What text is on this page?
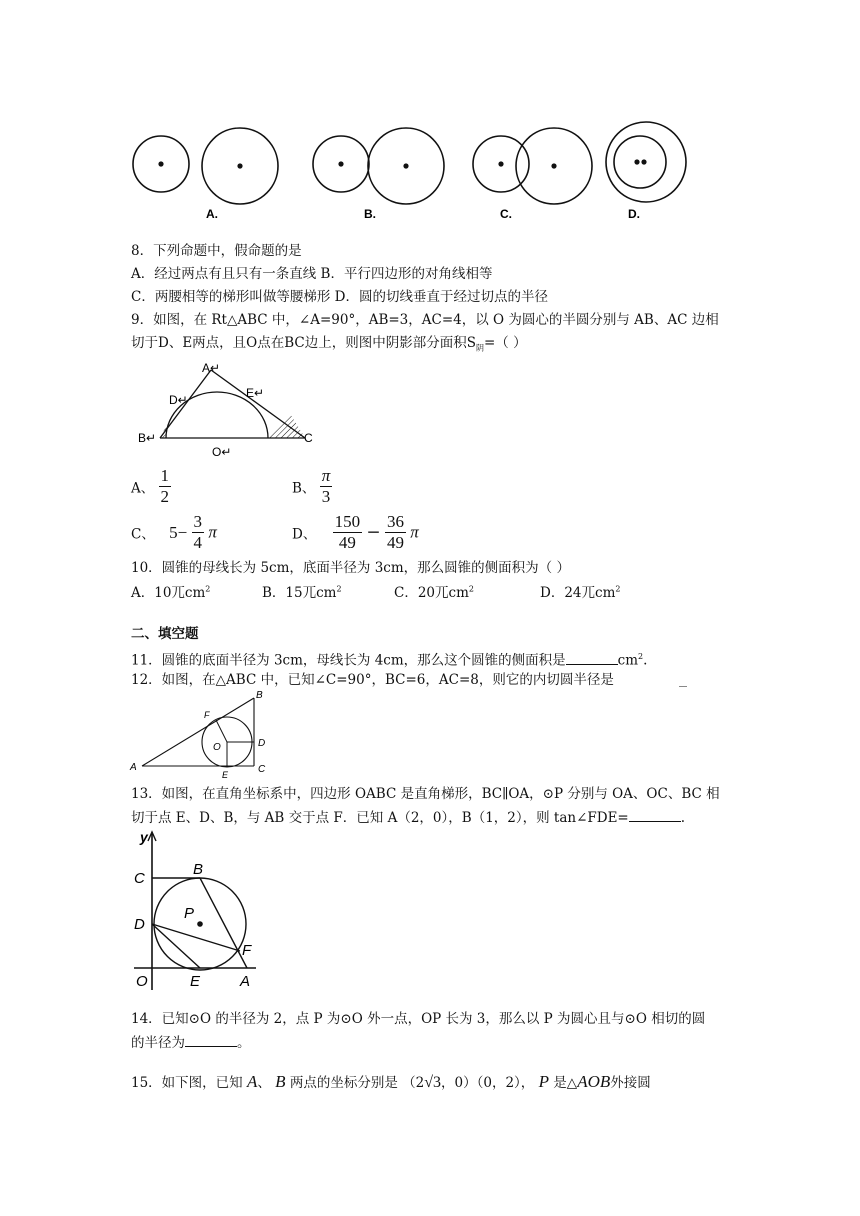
A.	B.	C.	D.
8．下列命题中，假命题的是
A．经过两点有且只有一条直线 B．平行四边形的对角线相等
C．两腰相等的梯形叫做等腰梯形 D．圆的切线垂直于经过切点的半径
9．如图，在 Rt△ABC 中，∠A=90°，AB=3，AC=4，以 O 为圆心的半圆分别与 AB、AC 边相
切于D、E两点，且O点在BC边上，则图中阴影部分面积$S_阴=$（ ）
A↵
D↵	E↵
B↵	C
O↵
A、 $\frac{1}{2}$	B、 $\frac{\pi}{3}$
C、 $5- \frac{3}{4}$ π	D、 $\frac{150}{49} - \frac{36}{49}$ π
10．圆锥的母线长为 5cm，底面半径为 3cm，那么圆锥的侧面积为（ ）
A．10ㄫ$cm^2$	B．15ㄫ$cm^2$	C．20ㄫ$cm^2$	D．24ㄫ$cm^2$
二、填空题
11．圆锥的底面半径为 3cm，母线长为 4cm，那么这个圆锥的侧面积是	$cm^2$.
12．如图，在△ABC 中，已知∠C=90°，BC=6，AC=8，则它的内切圆半径是
A
B
C
D
E
F
O
13．如图，在直角坐标系中，四边形 OABC 是直角梯形，BC∥OA，⊙P 分别与 OA、OC、BC 相
切于点 E、D、B，与 AB 交于点 F．已知 A（2，0），B（1，2），则 tan∠FDE=	.
y
C
B
P
D
F
O	E	A
14．已知⊙O 的半径为 2，点 P 为⊙O 外一点，OP 长为 3，那么以 P 为圆心且与⊙O 相切的圆
的半径为	。
15．如下图，已知 A、 B 两点的坐标分别是 （2√3，0）（0，2）， P 是△AOB外接圆
